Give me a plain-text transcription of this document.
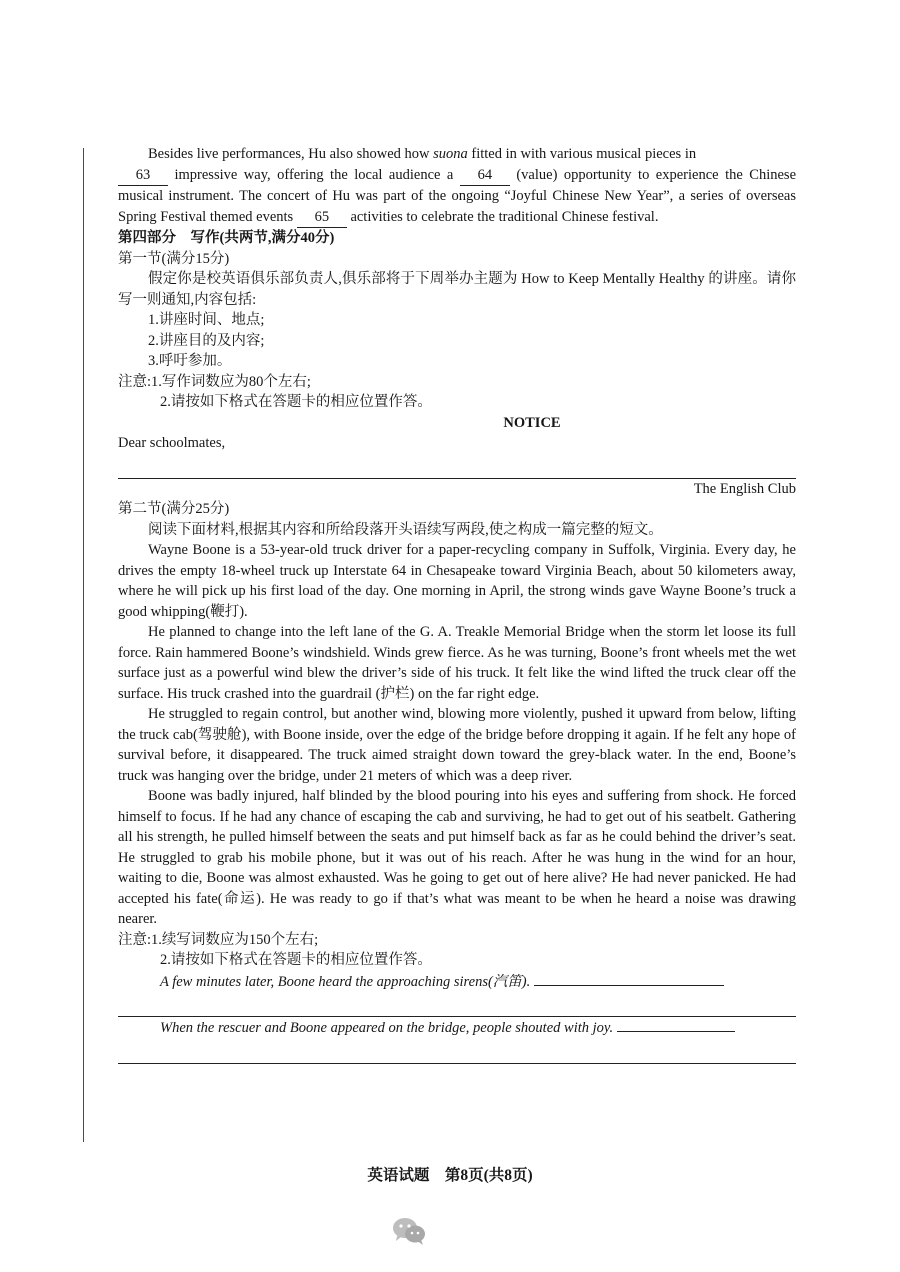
Besides live performances, Hu also showed how suona fitted in with various musical pieces in

63 impressive way, offering the local audience a 64 (value) opportunity to experience the Chinese musical instrument. The concert of Hu was part of the ongoing “Joyful Chinese New Year”, a series of overseas Spring Festival themed events 65 activities to celebrate the traditional Chinese festival.

第四部分　写作(共两节,满分40分)

第一节(满分15分)

假定你是校英语俱乐部负责人,俱乐部将于下周举办主题为 How to Keep Mentally Healthy 的讲座。请你写一则通知,内容包括:

1.讲座时间、地点;

2.讲座目的及内容;

3.呼吁参加。

注意:1.写作词数应为80个左右;

2.请按如下格式在答题卡的相应位置作答。

NOTICE

Dear schoolmates,

The English Club

第二节(满分25分)

阅读下面材料,根据其内容和所给段落开头语续写两段,使之构成一篇完整的短文。

Wayne Boone is a 53-year-old truck driver for a paper-recycling company in Suffolk, Virginia. Every day, he drives the empty 18-wheel truck up Interstate 64 in Chesapeake toward Virginia Beach, about 50 kilometers away, where he will pick up his first load of the day. One morning in April, the strong winds gave Wayne Boone’s truck a good whipping(鞭打).

He planned to change into the left lane of the G. A. Treakle Memorial Bridge when the storm let loose its full force. Rain hammered Boone’s windshield. Winds grew fierce. As he was turning, Boone’s front wheels met the wet surface just as a powerful wind blew the driver’s side of his truck. It felt like the wind lifted the truck clear off the surface. His truck crashed into the guardrail (护栏) on the far right edge.

He struggled to regain control, but another wind, blowing more violently, pushed it upward from below, lifting the truck cab(驾驶舱), with Boone inside, over the edge of the bridge before dropping it again. If he felt any hope of survival before, it disappeared. The truck aimed straight down toward the grey-black water. In the end, Boone’s truck was hanging over the bridge, under 21 meters of which was a deep river.

Boone was badly injured, half blinded by the blood pouring into his eyes and suffering from shock. He forced himself to focus. If he had any chance of escaping the cab and surviving, he had to get out of his seatbelt. Gathering all his strength, he pulled himself between the seats and put himself back as far as he could behind the driver’s seat. He struggled to grab his mobile phone, but it was out of his reach. After he was hung in the wind for an hour, waiting to die, Boone was almost exhausted. Was he going to get out of here alive? He had never panicked. He had accepted his fate(命运). He was ready to go if that’s what was meant to be when he heard a noise was drawing nearer.

注意:1.续写词数应为150个左右;

2.请按如下格式在答题卡的相应位置作答。

A few minutes later, Boone heard the approaching sirens(汽笛).

When the rescuer and Boone appeared on the bridge, people shouted with joy.

英语试题　第8页(共8页)
